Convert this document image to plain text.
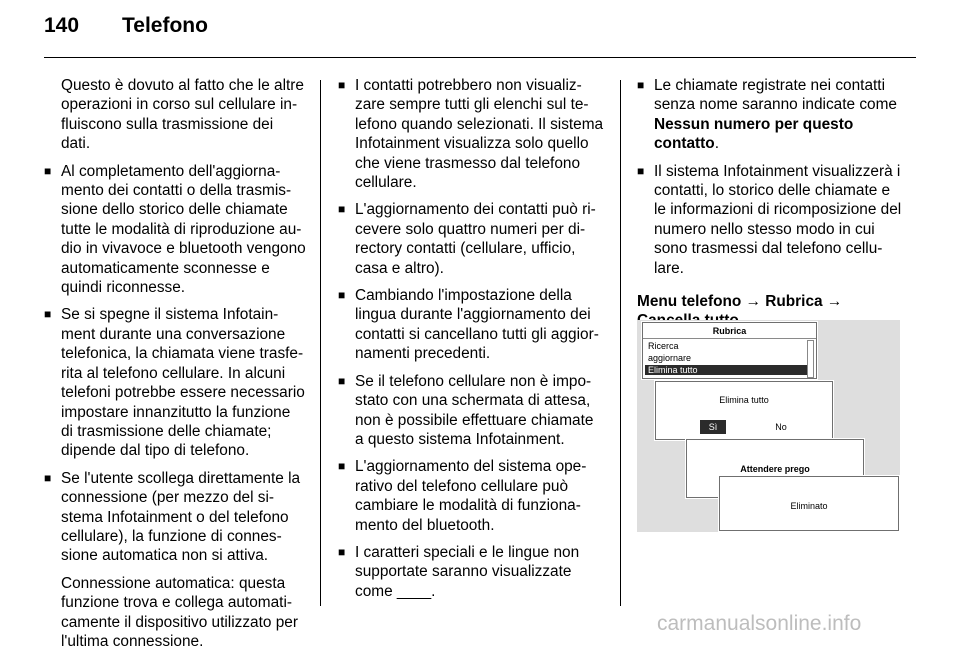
140 Telefono

Questo è dovuto al fatto che le altre operazioni in corso sul cellulare influiscono sulla trasmissione dei dati.

■ Al completamento dell'aggiornamento dei contatti o della trasmissione dello storico delle chiamate tutte le modalità di riproduzione audio in vivavoce e bluetooth vengono automaticamente sconnesse e quindi riconnesse.
■ Se si spegne il sistema Infotainment durante una conversazione telefonica, la chiamata viene trasferita al telefono cellulare. In alcuni telefoni potrebbe essere necessario impostare innanzitutto la funzione di trasmissione delle chiamate; dipende dal tipo di telefono.
■ Se l'utente scollega direttamente la connessione (per mezzo del sistema Infotainment o del telefono cellulare), la funzione di connessione automatica non si attiva.

Connessione automatica: questa funzione trova e collega automaticamente il dispositivo utilizzato per l'ultima connessione.

■ I contatti potrebbero non visualizzare sempre tutti gli elenchi sul telefono quando selezionati. Il sistema Infotainment visualizza solo quello che viene trasmesso dal telefono cellulare.
■ L'aggiornamento dei contatti può ricevere solo quattro numeri per directory contatti (cellulare, ufficio, casa e altro).
■ Cambiando l'impostazione della lingua durante l'aggiornamento dei contatti si cancellano tutti gli aggiornamenti precedenti.
■ Se il telefono cellulare non è impostato con una schermata di attesa, non è possibile effettuare chiamate a questo sistema Infotainment.
■ L'aggiornamento del sistema operativo del telefono cellulare può cambiare le modalità di funzionamento del bluetooth.
■ I caratteri speciali e le lingue non supportate saranno visualizzate come ____.
■ Le chiamate registrate nei contatti senza nome saranno indicate come Nessun numero per questo contatto.
■ Il sistema Infotainment visualizzerà i contatti, lo storico delle chiamate e le informazioni di ricomposizione del numero nello stesso modo in cui sono trasmessi dal telefono cellulare.
Menu telefono → Rubrica →
Rubrica
Ricerca
aggiornare
Elimina tutto
Elimina tutto
Sì	No
Attendere prego
Eliminato
carmanualsonline.info
